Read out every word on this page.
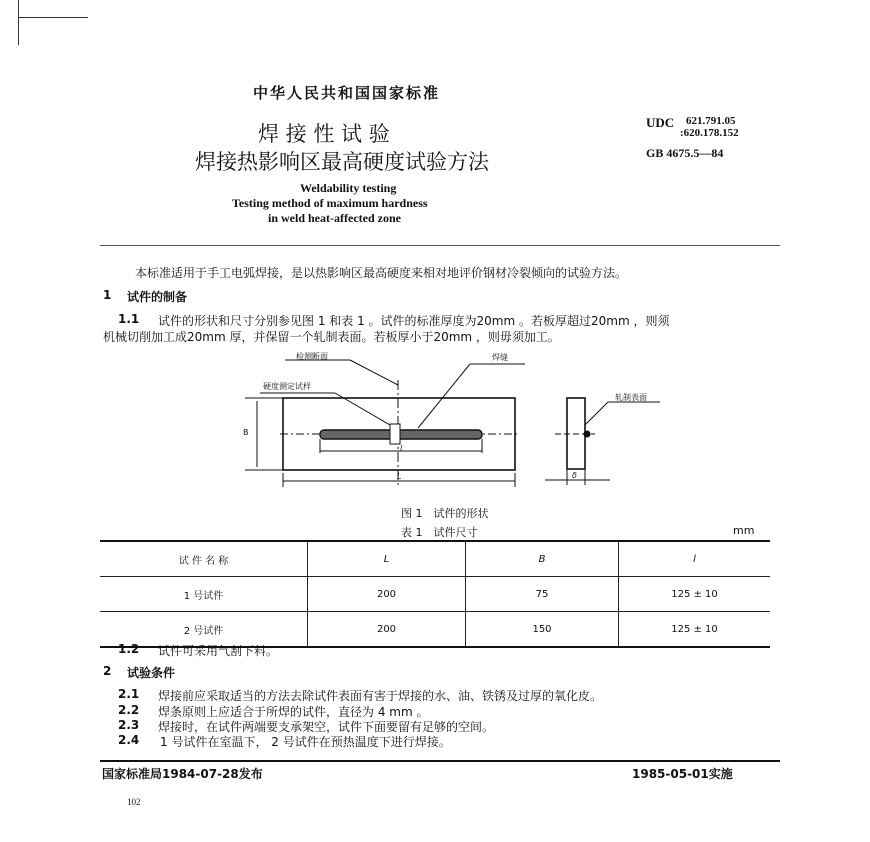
中华人民共和国国家标准
焊 接 性 试 验
焊接热影响区最高硬度试验方法
Weldability testing
Testing method of maximum hardness
in weld heat-affected zone
UDC 621.791.05
:620.178.152
GB 4675.5—84
本标准适用于手工电弧焊接，是以热影响区最高硬度来相对地评价钢材冷裂倾向的试验方法。
1 试件的制备
1.1 试件的形状和尺寸分别参见图 1 和表 1 。试件的标准厚度为20mm 。若板厚超过20mm ，则须
机械切削加工成20mm 厚，并保留一个轧制表面。若板厚小于20mm ，则毋须加工。
检测断面	焊缝
硬度测定试样
轧制表面
B
l
L	δ
图 1　试件的形状
表 1　试件尺寸	mm
试 件 名 称	L	B	l
1 号试件	200	75	125 ± 10
2 号试件	200	150	125 ± 10
1.2 试件可采用气割下料。
2 试验条件
2.1 焊接前应采取适当的方法去除试件表面有害于焊接的水、油、铁锈及过厚的氧化皮。
2.2 焊条原则上应适合于所焊的试件，直径为 4 mm 。
2.3 焊接时，在试件两端要支承架空，试件下面要留有足够的空间。
2.4 1 号试件在室温下， 2 号试件在预热温度下进行焊接。
国家标准局1984-07-28发布	1985-05-01实施
102
